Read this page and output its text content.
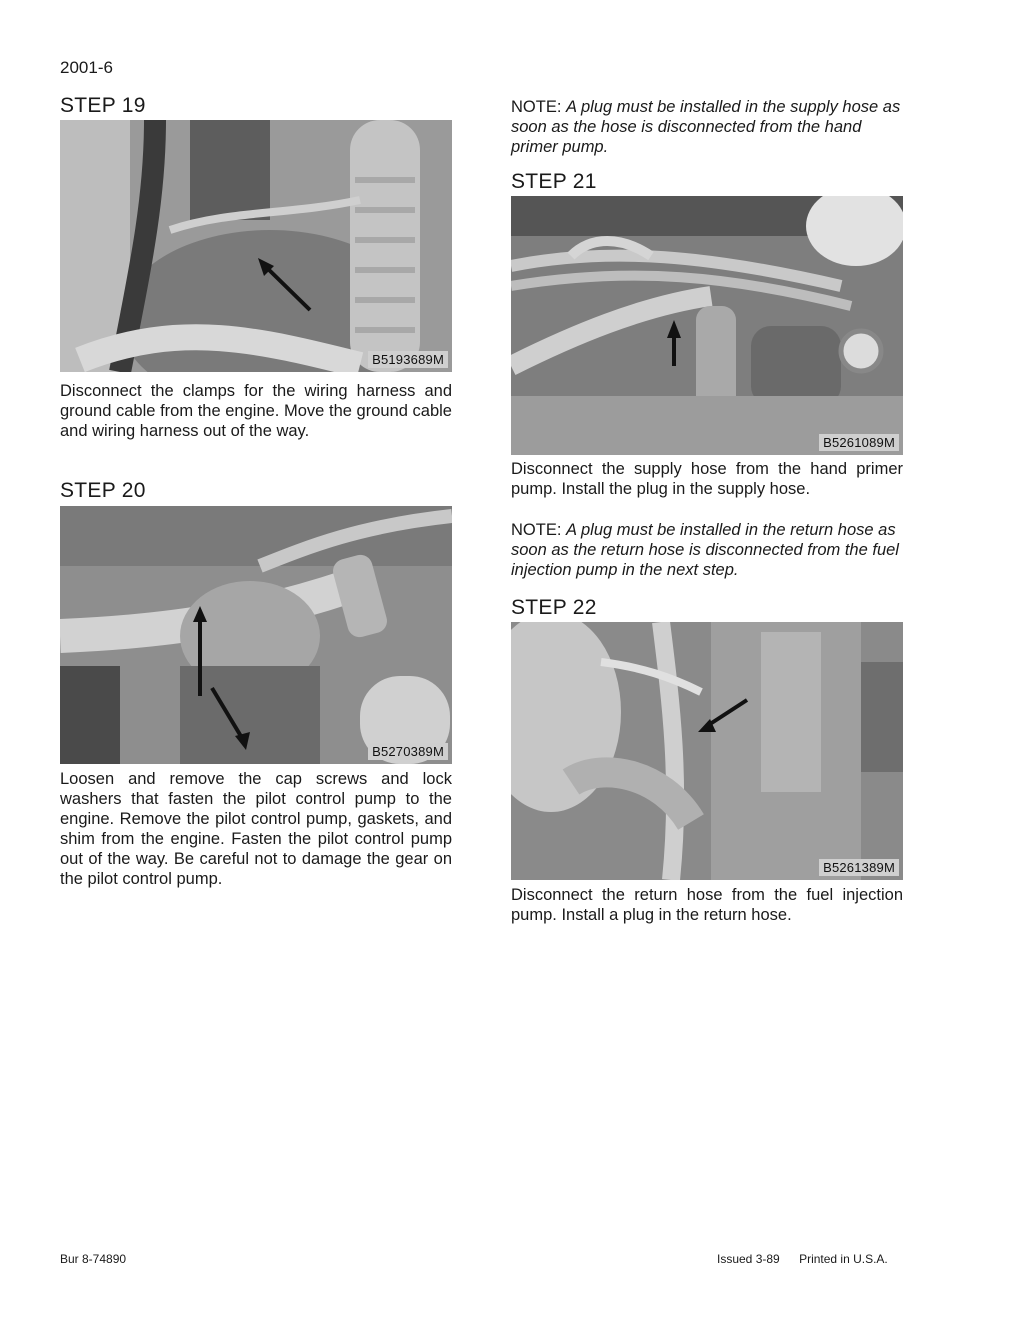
2001-6
STEP 19
B5193689M
Disconnect the clamps for the wiring harness and ground cable from the engine. Move the ground cable and wiring harness out of the way.
STEP 20
B5270389M
Loosen and remove the cap screws and lock washers that fasten the pilot control pump to the engine. Remove the pilot control pump, gaskets, and shim from the engine. Fasten the pilot control pump out of the way. Be careful not to damage the gear on the pilot control pump.
NOTE: A plug must be installed in the supply hose as soon as the hose is disconnected from the hand primer pump.
STEP 21
B5261089M
Disconnect the supply hose from the hand primer pump. Install the plug in the supply hose.
NOTE: A plug must be installed in the return hose as soon as the return hose is disconnected from the fuel injection pump in the next step.
STEP 22
B5261389M
Disconnect the return hose from the fuel injection pump. Install a plug in the return hose.
Bur 8-74890	Issued 3-89 Printed in U.S.A.
